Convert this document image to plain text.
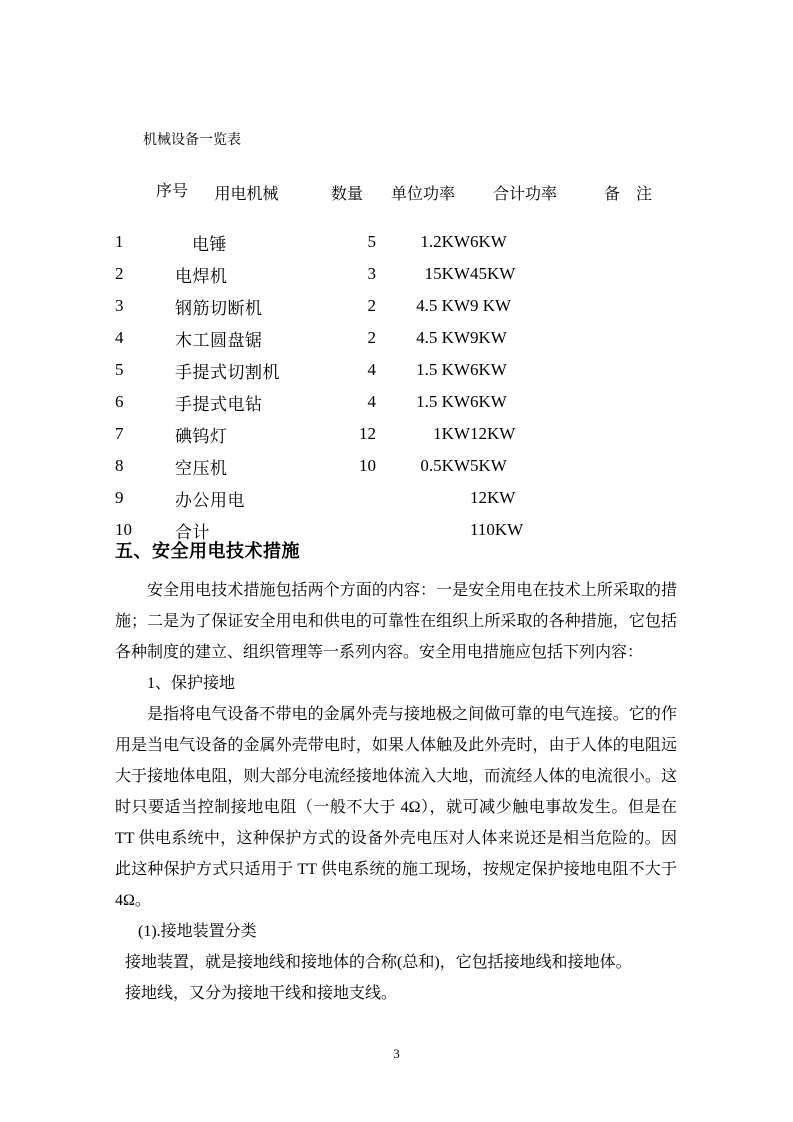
机械设备一览表

序号	用电机械	数量	单位功率	合计功率	备　注
1	电锤	5	1.2KW	6KW	
2	电焊机	3	15KW	45KW	
3	钢筋切断机	2	4.5 KW	9 KW	
4	木工圆盘锯	2	4.5 KW	9KW	
5	手提式切割机	4	1.5 KW	6KW	
6	手提式电钻	4	1.5 KW	6KW	
7	碘钨灯	12	1KW	12KW	
8	空压机	10	0.5KW	5KW	
9	办公用电			12KW	
10	合计			110KW	
五、安全用电技术措施

安全用电技术措施包括两个方面的内容：一是安全用电在技术上所采取的措施；二是为了保证安全用电和供电的可靠性在组织上所采取的各种措施，它包括各种制度的建立、组织管理等一系列内容。安全用电措施应包括下列内容：

1、保护接地

是指将电气设备不带电的金属外壳与接地极之间做可靠的电气连接。它的作用是当电气设备的金属外壳带电时，如果人体触及此外壳时，由于人体的电阻远大于接地体电阻，则大部分电流经接地体流入大地，而流经人体的电流很小。这时只要适当控制接地电阻（一般不大于 4Ω），就可减少触电事故发生。但是在 TT 供电系统中，这种保护方式的设备外壳电压对人体来说还是相当危险的。因此这种保护方式只适用于 TT 供电系统的施工现场，按规定保护接地电阻不大于 4Ω。

(1).接地装置分类

接地装置，就是接地线和接地体的合称(总和)，它包括接地线和接地体。

接地线，又分为接地干线和接地支线。

3
